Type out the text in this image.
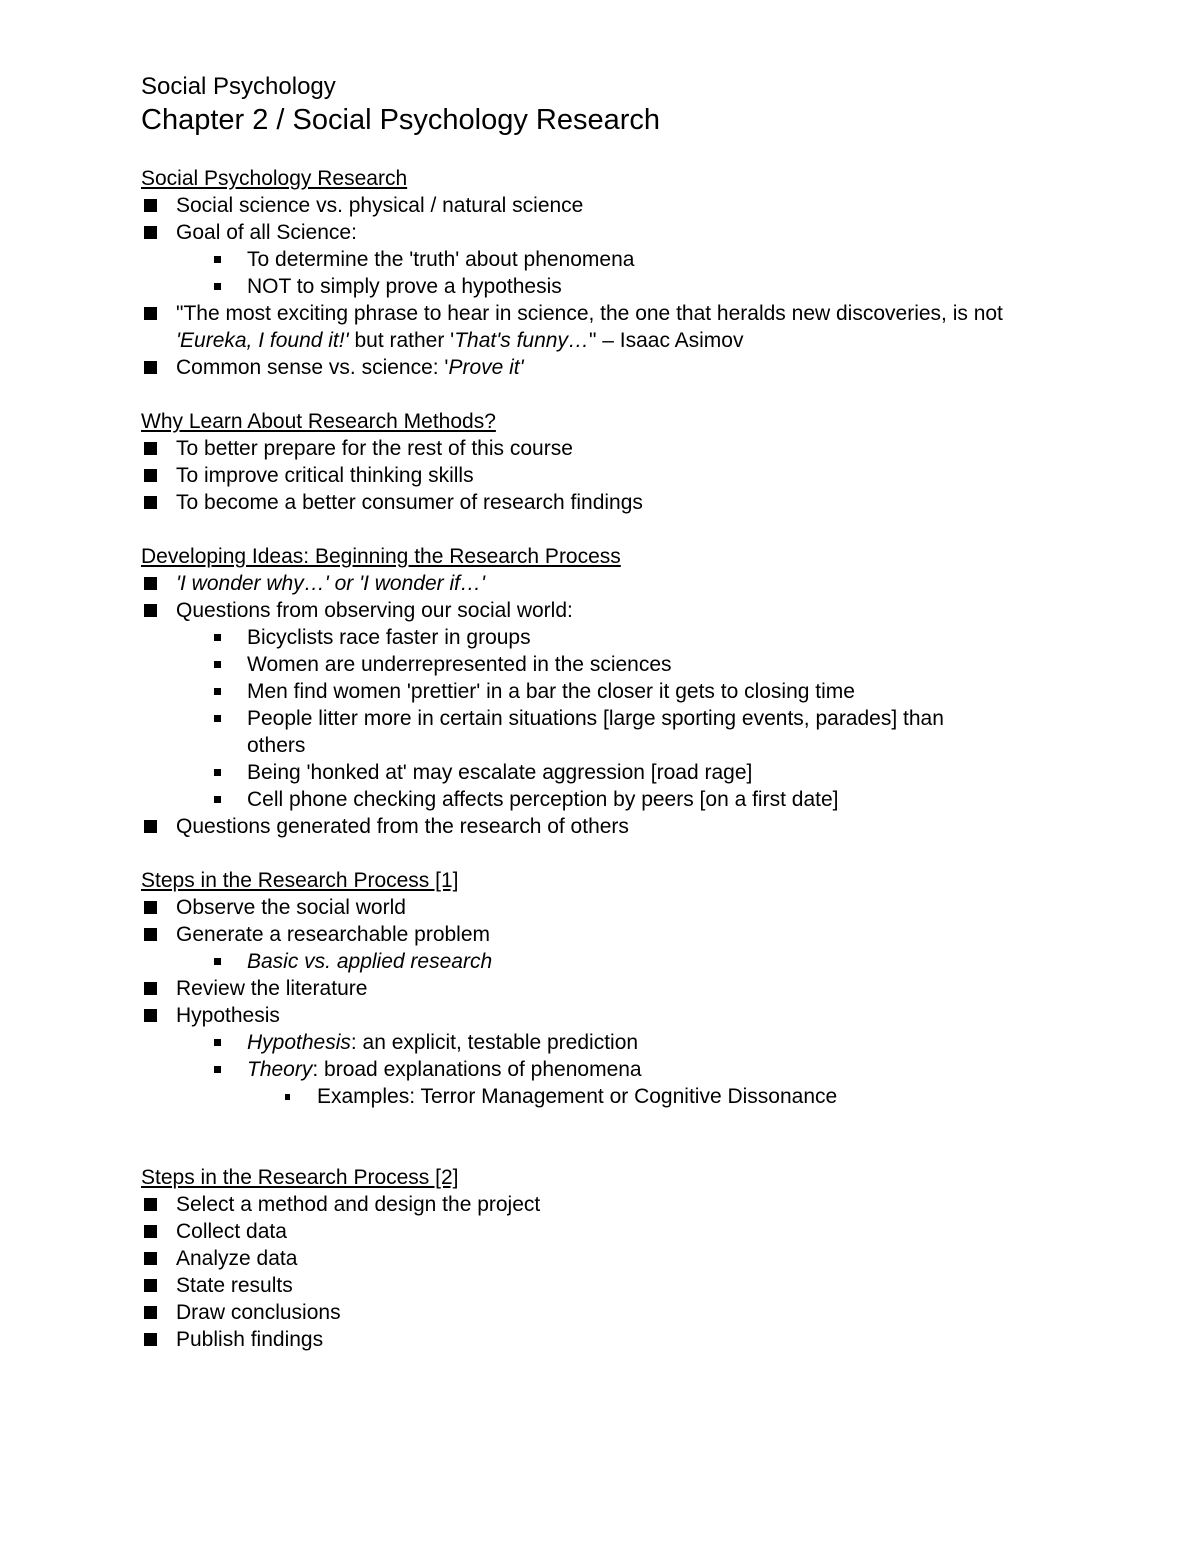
Social Psychology
Chapter 2 / Social Psychology Research
Social Psychology Research
Social science vs. physical / natural science
Goal of all Science:
To determine the 'truth' about phenomena
NOT to simply prove a hypothesis
"The most exciting phrase to hear in science, the one that heralds new discoveries, is not 'Eureka, I found it!' but rather 'That's funny…" – Isaac Asimov
Common sense vs. science: 'Prove it'
Why Learn About Research Methods?
To better prepare for the rest of this course
To improve critical thinking skills
To become a better consumer of research findings
Developing Ideas: Beginning the Research Process
'I wonder why…' or 'I wonder if…'
Questions from observing our social world:
Bicyclists race faster in groups
Women are underrepresented in the sciences
Men find women 'prettier' in a bar the closer it gets to closing time
People litter more in certain situations [large sporting events, parades] than others
Being 'honked at' may escalate aggression [road rage]
Cell phone checking affects perception by peers [on a first date]
Questions generated from the research of others
Steps in the Research Process [1]
Observe the social world
Generate a researchable problem
Basic vs. applied research
Review the literature
Hypothesis
Hypothesis: an explicit, testable prediction
Theory: broad explanations of phenomena
Examples: Terror Management or Cognitive Dissonance
Steps in the Research Process [2]
Select a method and design the project
Collect data
Analyze data
State results
Draw conclusions
Publish findings
